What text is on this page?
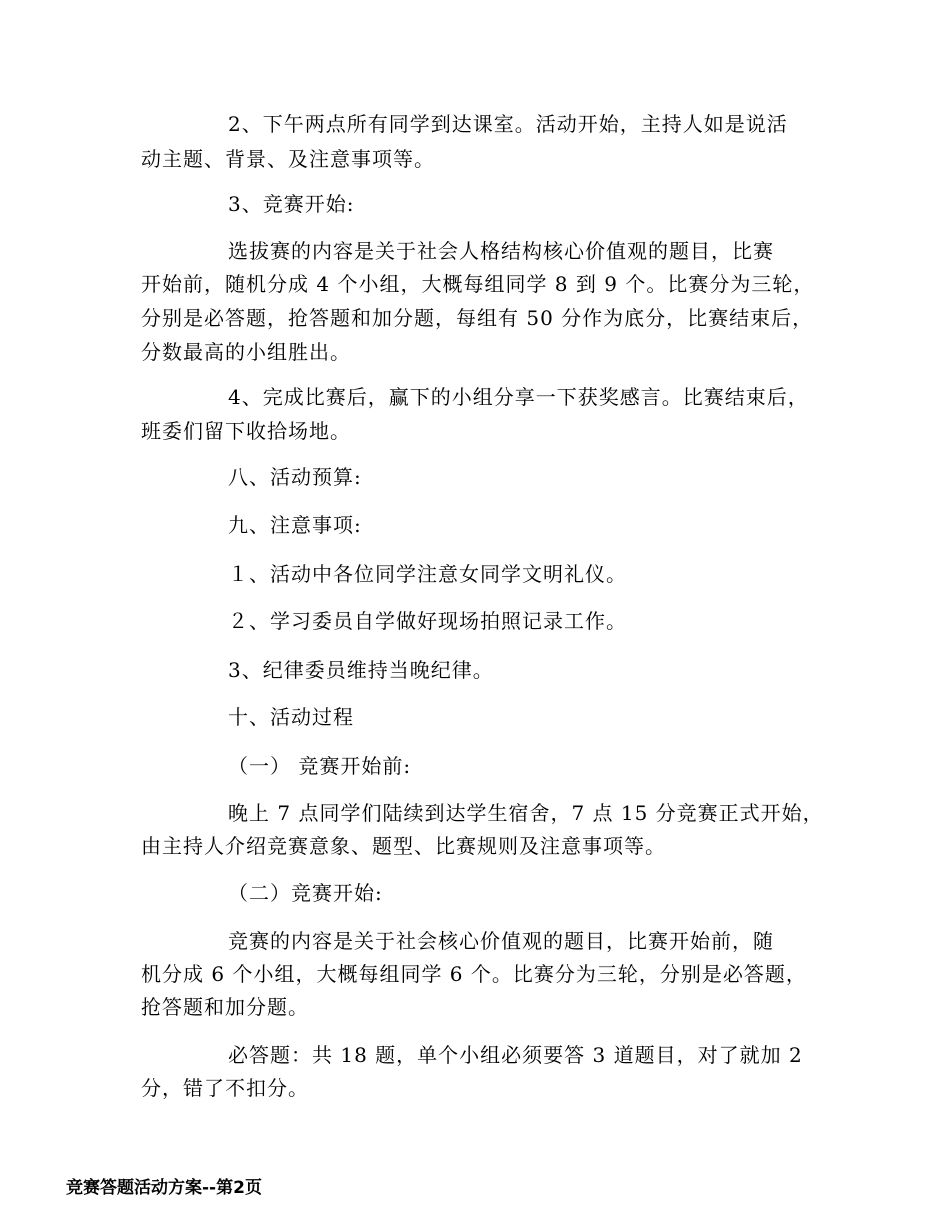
2、下午两点所有同学到达课室。活动开始，主持人如是说活
动主题、背景、及注意事项等。
3、竞赛开始:
选拔赛的内容是关于社会人格结构核心价值观的题目，比赛
开始前，随机分成 4 个小组，大概每组同学 8 到 9 个。比赛分为三轮，
分别是必答题，抢答题和加分题，每组有 50 分作为底分，比赛结束后，
分数最高的小组胜出。
4、完成比赛后，赢下的小组分享一下获奖感言。比赛结束后，
班委们留下收拾场地。
八、活动预算:
九、注意事项:
１、活动中各位同学注意女同学文明礼仪。
２、学习委员自学做好现场拍照记录工作。
3、纪律委员维持当晚纪律。
十、活动过程
（一） 竞赛开始前:
晚上 7 点同学们陆续到达学生宿舍，7 点 15 分竞赛正式开始，
由主持人介绍竞赛意象、题型、比赛规则及注意事项等。
（二）竞赛开始:
竞赛的内容是关于社会核心价值观的题目，比赛开始前，随
机分成 6 个小组，大概每组同学 6 个。比赛分为三轮，分别是必答题，
抢答题和加分题。
必答题：共 18 题，单个小组必须要答 3 道题目，对了就加 2
分，错了不扣分。
竞赛答题活动方案--第2页
